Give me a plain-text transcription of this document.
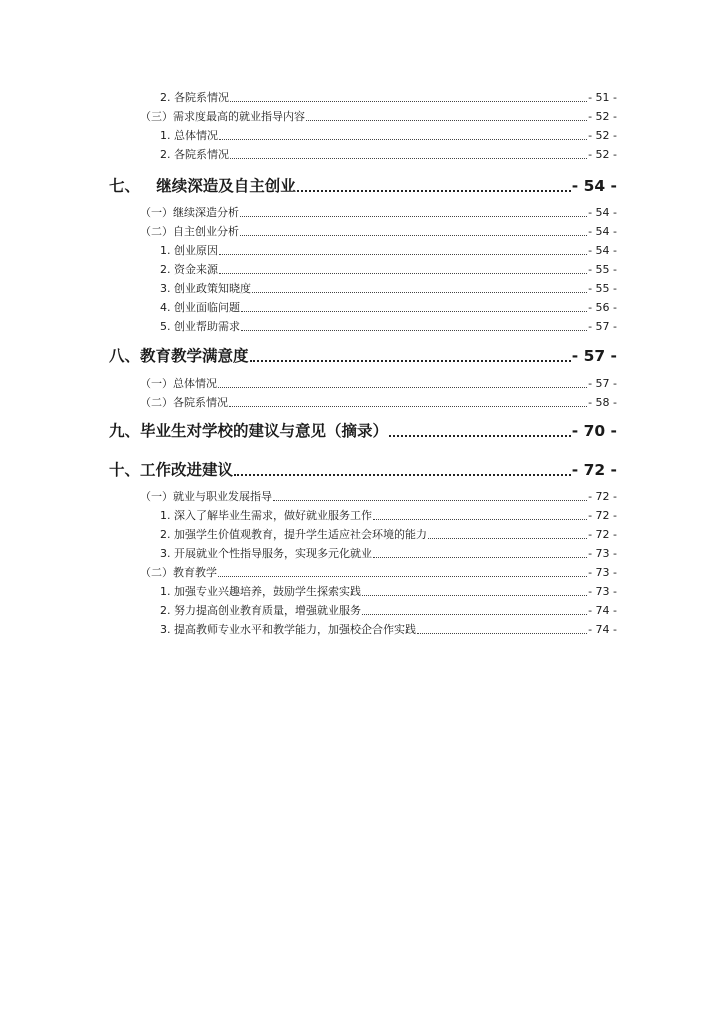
2. 各院系情况	- 51 -
（三）需求度最高的就业指导内容	- 52 -
1. 总体情况	- 52 -
2. 各院系情况	- 52 -
七、   继续深造及自主创业	- 54 -
（一）继续深造分析	- 54 -
（二）自主创业分析	- 54 -
1. 创业原因	- 54 -
2. 资金来源	- 55 -
3. 创业政策知晓度	- 55 -
4. 创业面临问题	- 56 -
5. 创业帮助需求	- 57 -
八、教育教学满意度	- 57 -
（一）总体情况	- 57 -
（二）各院系情况	- 58 -
九、毕业生对学校的建议与意见（摘录）	- 70 -
十、工作改进建议	- 72 -
（一）就业与职业发展指导	- 72 -
1. 深入了解毕业生需求，做好就业服务工作	- 72 -
2. 加强学生价值观教育，提升学生适应社会环境的能力	- 72 -
3. 开展就业个性指导服务，实现多元化就业	- 73 -
（二）教育教学	- 73 -
1. 加强专业兴趣培养，鼓励学生探索实践	- 73 -
2. 努力提高创业教育质量，增强就业服务	- 74 -
3. 提高教师专业水平和教学能力，加强校企合作实践	- 74 -
